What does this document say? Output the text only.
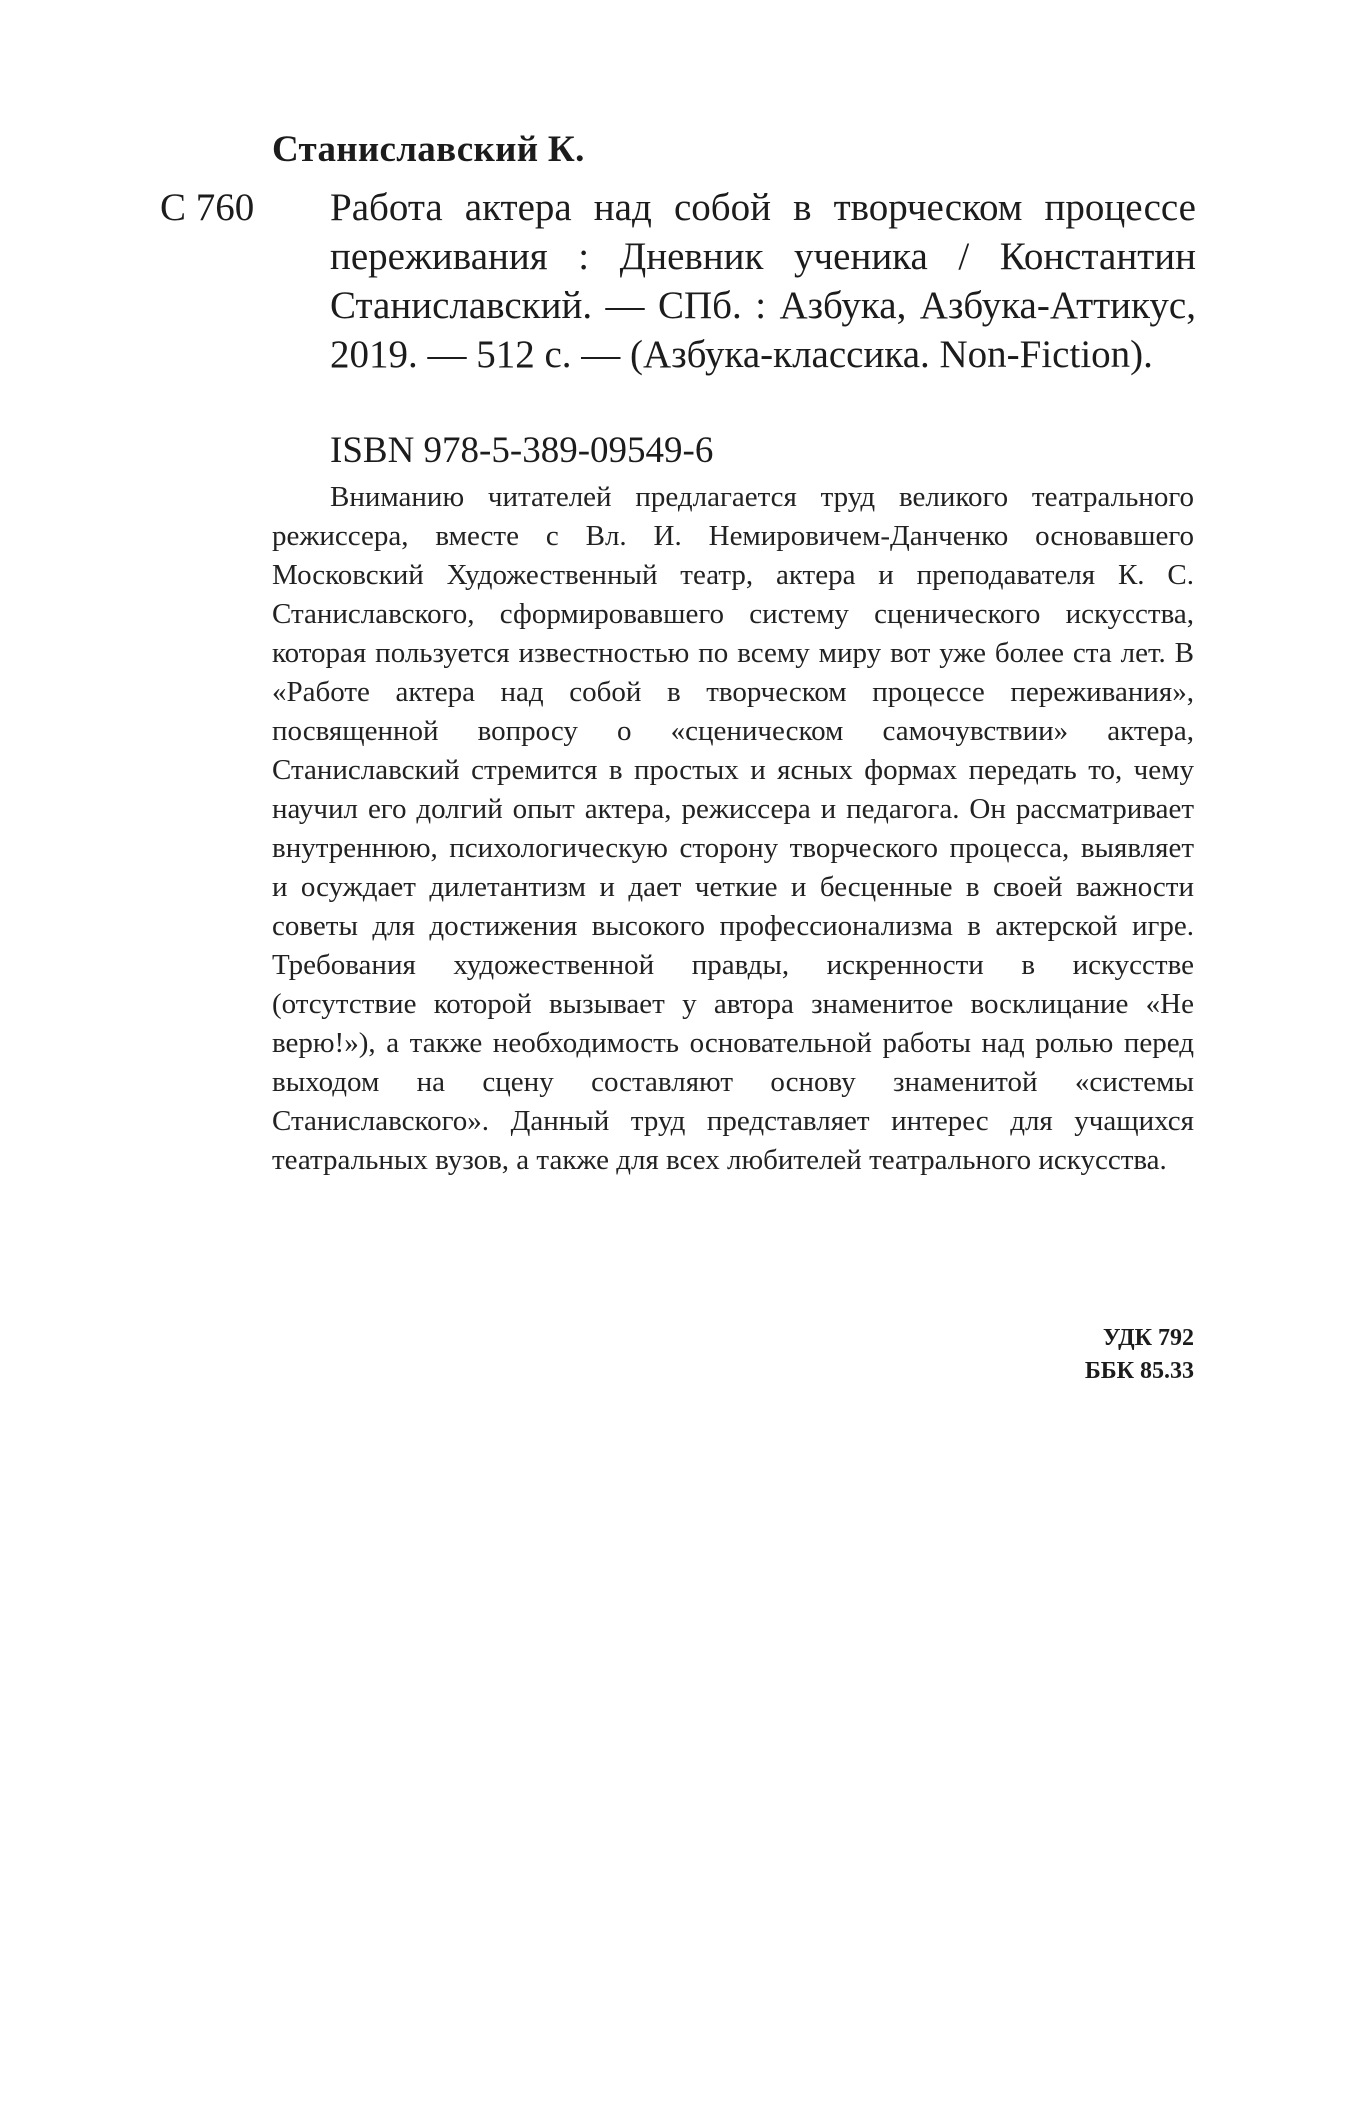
Станиславский К.
С 760 Работа актера над собой в творческом процессе переживания : Дневник ученика / Константин Станиславский. — СПб. : Азбука, Азбука-Аттикус, 2019. — 512 с. — (Азбука-классика. Non-Fiction).

ISBN 978-5-389-09549-6

Вниманию читателей предлагается труд великого театрального режиссера, вместе с Вл. И. Немировичем-Данченко основавшего Московский Художественный театр, актера и преподавателя К. С. Станиславского, сформировавшего систему сценического искусства, которая пользуется известностью по всему миру вот уже более ста лет. В «Работе актера над собой в творческом процессе переживания», посвященной вопросу о «сценическом самочувствии» актера, Станиславский стремится в простых и ясных формах передать то, чему научил его долгий опыт актера, режиссера и педагога. Он рассматривает внутреннюю, психологическую сторону творческого процесса, выявляет и осуждает дилетантизм и дает четкие и бесценные в своей важности советы для достижения высокого профессионализма в актерской игре. Требования художественной правды, искренности в искусстве (отсутствие которой вызывает у автора знаменитое восклицание «Не верю!»), а также необходимость основательной работы над ролью перед выходом на сцену составляют основу знаменитой «системы Станиславского». Данный труд представляет интерес для учащихся театральных вузов, а также для всех любителей театрального искусства.

УДК 792
ББК 85.33
